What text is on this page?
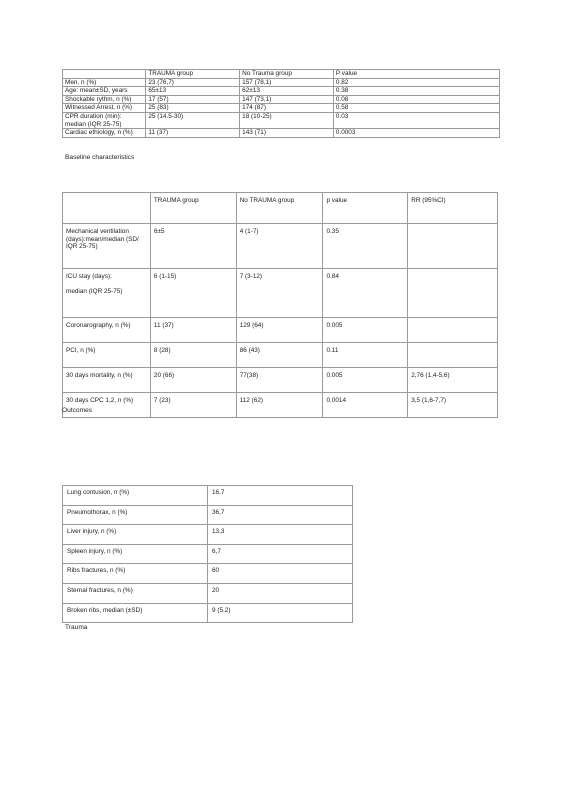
	TRAUMA group	No Trauma group	P value
Men, n (%)	23 (76,7)	157 (78,1)	0.82
Age: mean±SD, years	65±13	62±13	0.38
Shockable rythm, n (%)	17 (57)	147 (73,1)	0.08
Witnessed Arrest, n (%)	25 (83)	174 (87)	0.58
CPR duration (min): median (IQR 25-75)	25 (14.5-30)	18 (10-25)	0.03
Cardiac ethiology, n (%)	11 (37)	143 (71)	0.0003
Baseline characteristics
	TRAUMA group	No TRAUMA group	p value	RR (95%CI)
Mechanical ventilation (days):mean/median (SD/ IQR 25-75)	6±5	4 (1-7)	0.35	

ICU stay (days):
median (IQR 25-75)	6 (1-15)	7 (3-12)	0.84	
Coronarography, n (%)	11 (37)	129 (64)	0.005	
PCI, n (%)	8 (28)	86 (43)	0.11	
30 days mortality, n (%)	20 (66)	77(38)	0.005	2,76 (1,4-5,6)
30 days CPC 1,2, n (%)	7 (23)	112 (62)	0.0014	3,5 (1,6-7,7)
Outcomes
Lung contusion, n (%)	16,7
Pneumothorax, n (%)	36,7
Liver injury, n (%)	13,3
Spleen injury, n (%)	6,7
Ribs fractures, n (%)	60
Sternal fractures, n (%)	20
Broken ribs, median (±SD)	9 (5.2)
Trauma
